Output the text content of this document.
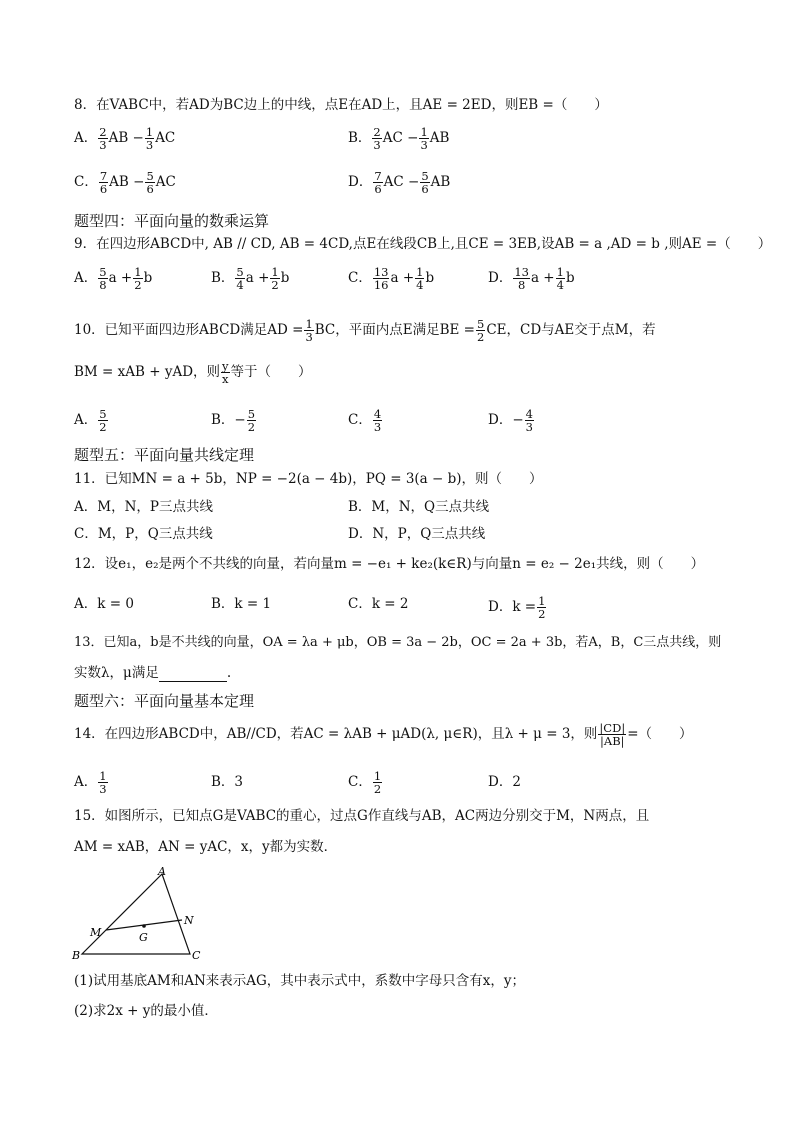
8．在VABC中，若AD为BC边上的中线，点E在AD上，且AE = 2ED，则EB =（　　）
A． $\frac{2}{3}$ AB − $\frac{1}{3}$ AC	B． $\frac{2}{3}$ AC − $\frac{1}{3}$ AB
C． $\frac{7}{6}$ AB − $\frac{5}{6}$ AC	D． $\frac{7}{6}$ AC − $\frac{5}{6}$ AB
题型四：平面向量的数乘运算
9．在四边形ABCD中, AB // CD, AB = 4CD,点E在线段CB上,且CE = 3EB,设AB = a ,AD = b ,则AE =（　　）
A． $\frac{5}{8}$ $a + \frac{1}{2}$ b	B． $\frac{5}{4}$ $a + \frac{1}{2}$ b	C． $\frac{13}{16}$ $a + \frac{1}{4}$ b	D． $\frac{13}{8}$ $a + \frac{1}{4}$ b
10．已知平面四边形ABCD满足AD = $\frac{1}{3}$ BC，平面内点E满足BE = $\frac{5}{2}$ CE，CD与AE交于点M，若
BM = xAB + yAD，则 $\frac{y}{x}$ 等于（　　）
A． $\frac{5}{2}$	B．− $\frac{5}{2}$	C． $\frac{4}{3}$	D．− $\frac{4}{3}$
题型五：平面向量共线定理
11．已知MN = a + 5b，NP = −2(a − 4b)，PQ = 3(a − b)，则（　　）
A．M，N，P三点共线	B．M，N，Q三点共线
C．M，P，Q三点共线	D．N，P，Q三点共线
12．设e₁，e₂是两个不共线的向量，若向量m = −e₁ + ke₂(k∈R)与向量n = e₂ − 2e₁共线，则（　　）
A．k = 0	B．k = 1	C．k = 2	D．$k = \frac{1}{2}$
13．已知a，b是不共线的向量，OA = λa + μb，OB = 3a − 2b，OC = 2a + 3b，若A，B，C三点共线，则
实数λ，μ满足	.
题型六：平面向量基本定理
14．在四边形ABCD中，AB//CD，若AC = λAB + μAD(λ, μ∈R)，且λ + μ = 3，则 $\frac{|CD|}{|AB|}$ =（　　）
A． $\frac{1}{3}$	B．3	C． $\frac{1}{2}$	D．2
15．如图所示，已知点G是VABC的重心，过点G作直线与AB，AC两边分别交于M，N两点，且
AM = xAB，AN = yAC，x，y都为实数．
A
B	C
M
N
G
(1)试用基底AM和AN来表示AG，其中表示式中，系数中字母只含有x，y；
(2)求2x + y的最小值．
